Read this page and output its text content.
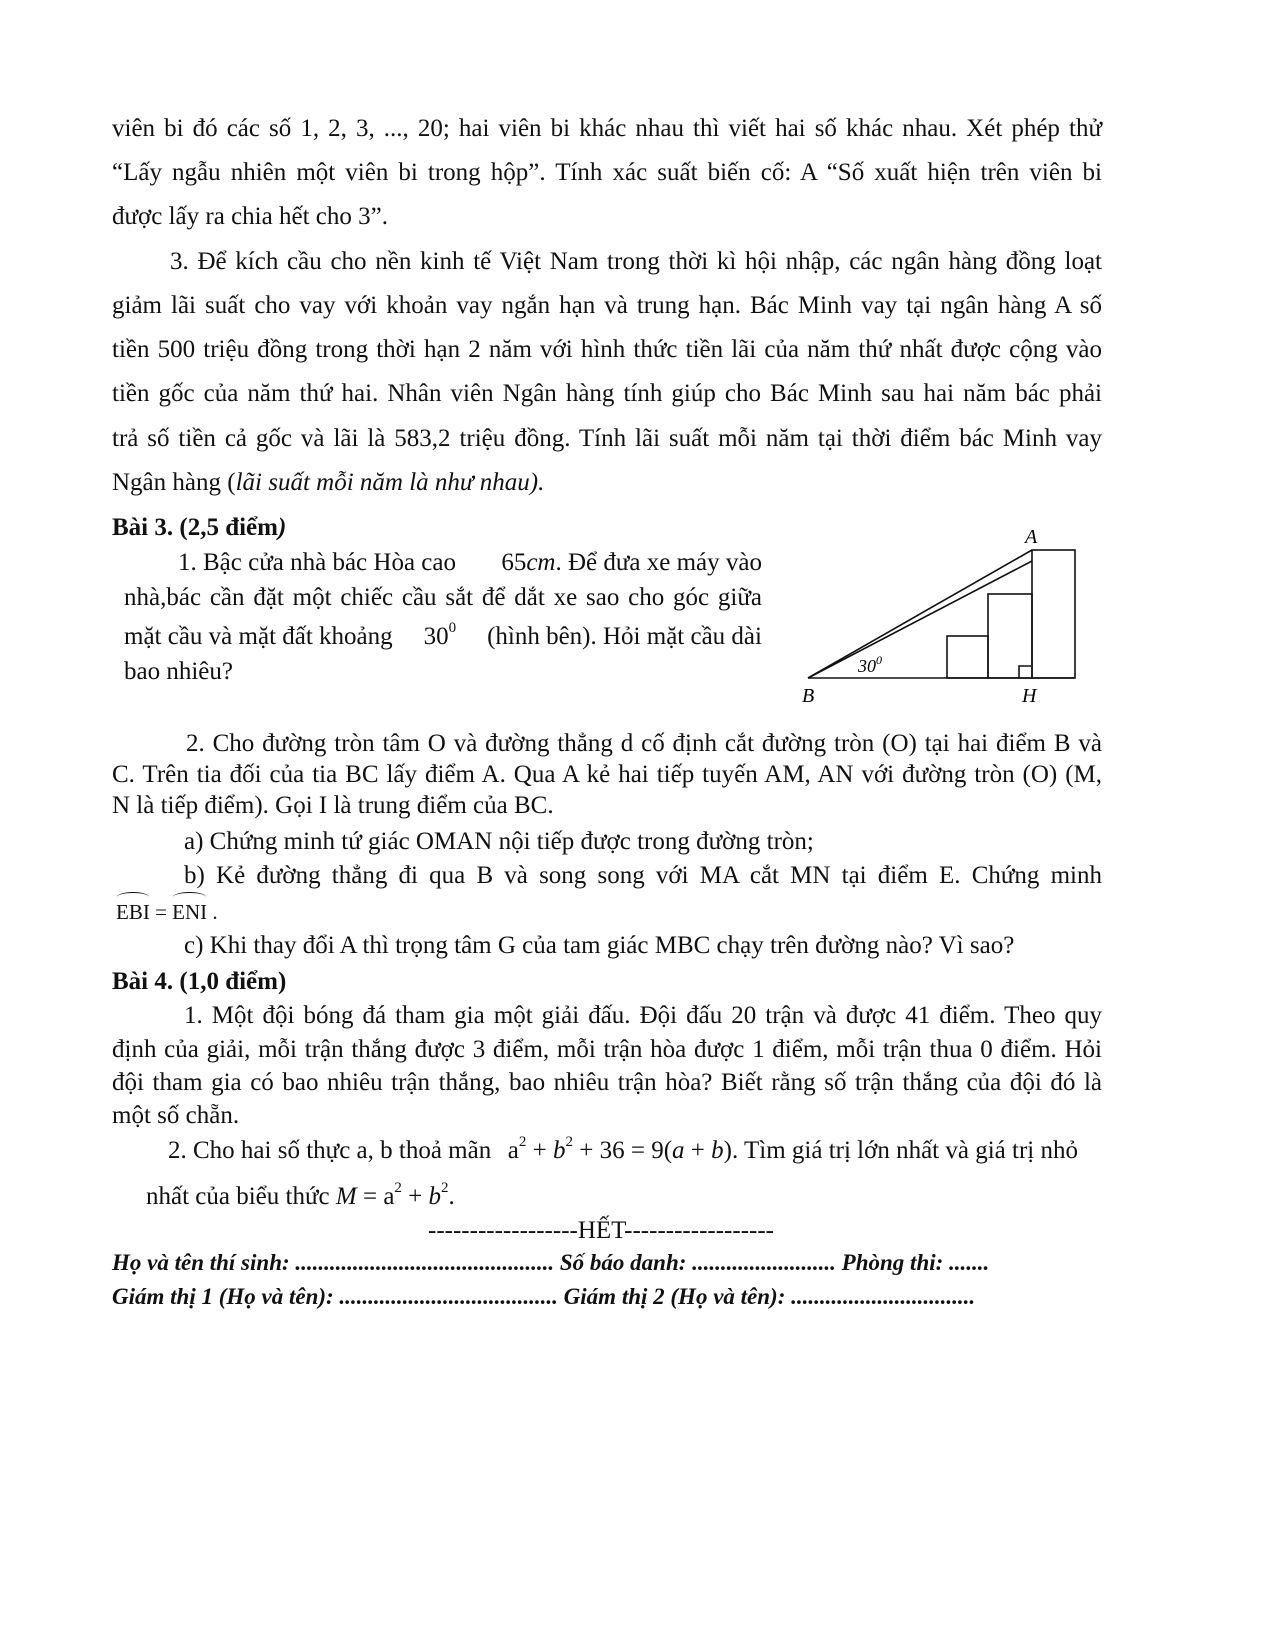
viên bi đó các số 1, 2, 3, ..., 20; hai viên bi khác nhau thì viết hai số khác nhau. Xét phép thử
“Lấy ngẫu nhiên một viên bi trong hộp”. Tính xác suất biến cố: A “Số xuất hiện trên viên bi
được lấy ra chia hết cho 3”.
3. Để kích cầu cho nền kinh tế Việt Nam trong thời kì hội nhập, các ngân hàng đồng loạt
giảm lãi suất cho vay với khoản vay ngắn hạn và trung hạn. Bác Minh vay tại ngân hàng A số
tiền 500 triệu đồng trong thời hạn 2 năm với hình thức tiền lãi của năm thứ nhất được cộng vào
tiền gốc của năm thứ hai. Nhân viên Ngân hàng tính giúp cho Bác Minh sau hai năm bác phải
trả số tiền cả gốc và lãi là 583,2 triệu đồng. Tính lãi suất mỗi năm tại thời điểm bác Minh vay
Ngân hàng (lãi suất mỗi năm là như nhau).
Bài 3. (2,5 điểm)
1. Bậc cửa nhà bác Hòa cao 65cm. Để đưa xe máy vào
nhà,bác cần đặt một chiếc cầu sắt để dắt xe sao cho góc giữa
mặt cầu và mặt đất khoảng $30^0$ (hình bên). Hỏi mặt cầu dài
bao nhiêu?
A
B	H
$30^0$
2. Cho đường tròn tâm O và đường thẳng d cố định cắt đường tròn (O) tại hai điểm B và
C. Trên tia đối của tia BC lấy điểm A. Qua A kẻ hai tiếp tuyến AM, AN với đường tròn (O) (M,
N là tiếp điểm). Gọi I là trung điểm của BC.
a) Chứng minh tứ giác OMAN nội tiếp được trong đường tròn;
b) Kẻ đường thẳng đi qua B và song song với MA cắt MN tại điểm E. Chứng minh
EBI = ENI .
c) Khi thay đổi A thì trọng tâm G của tam giác MBC chạy trên đường nào? Vì sao?
Bài 4. (1,0 điểm)
1. Một đội bóng đá tham gia một giải đấu. Đội đấu 20 trận và được 41 điểm. Theo quy
định của giải, mỗi trận thắng được 3 điểm, mỗi trận hòa được 1 điểm, mỗi trận thua 0 điểm. Hỏi
đội tham gia có bao nhiêu trận thắng, bao nhiêu trận hòa? Biết rằng số trận thắng của đội đó là
một số chẵn.
2. Cho hai số thực a, b thoả mãn $a^2 + b^2 + 36 = 9(a + b)$. Tìm giá trị lớn nhất và giá trị nhỏ
nhất của biểu thức $M = a^2 + b^2$.
------------------HẾT------------------
Họ và tên thí sinh: ............................................. Số báo danh: ......................... Phòng thi: .......
Giám thị 1 (Họ và tên): ...................................... Giám thị 2 (Họ và tên): ................................
